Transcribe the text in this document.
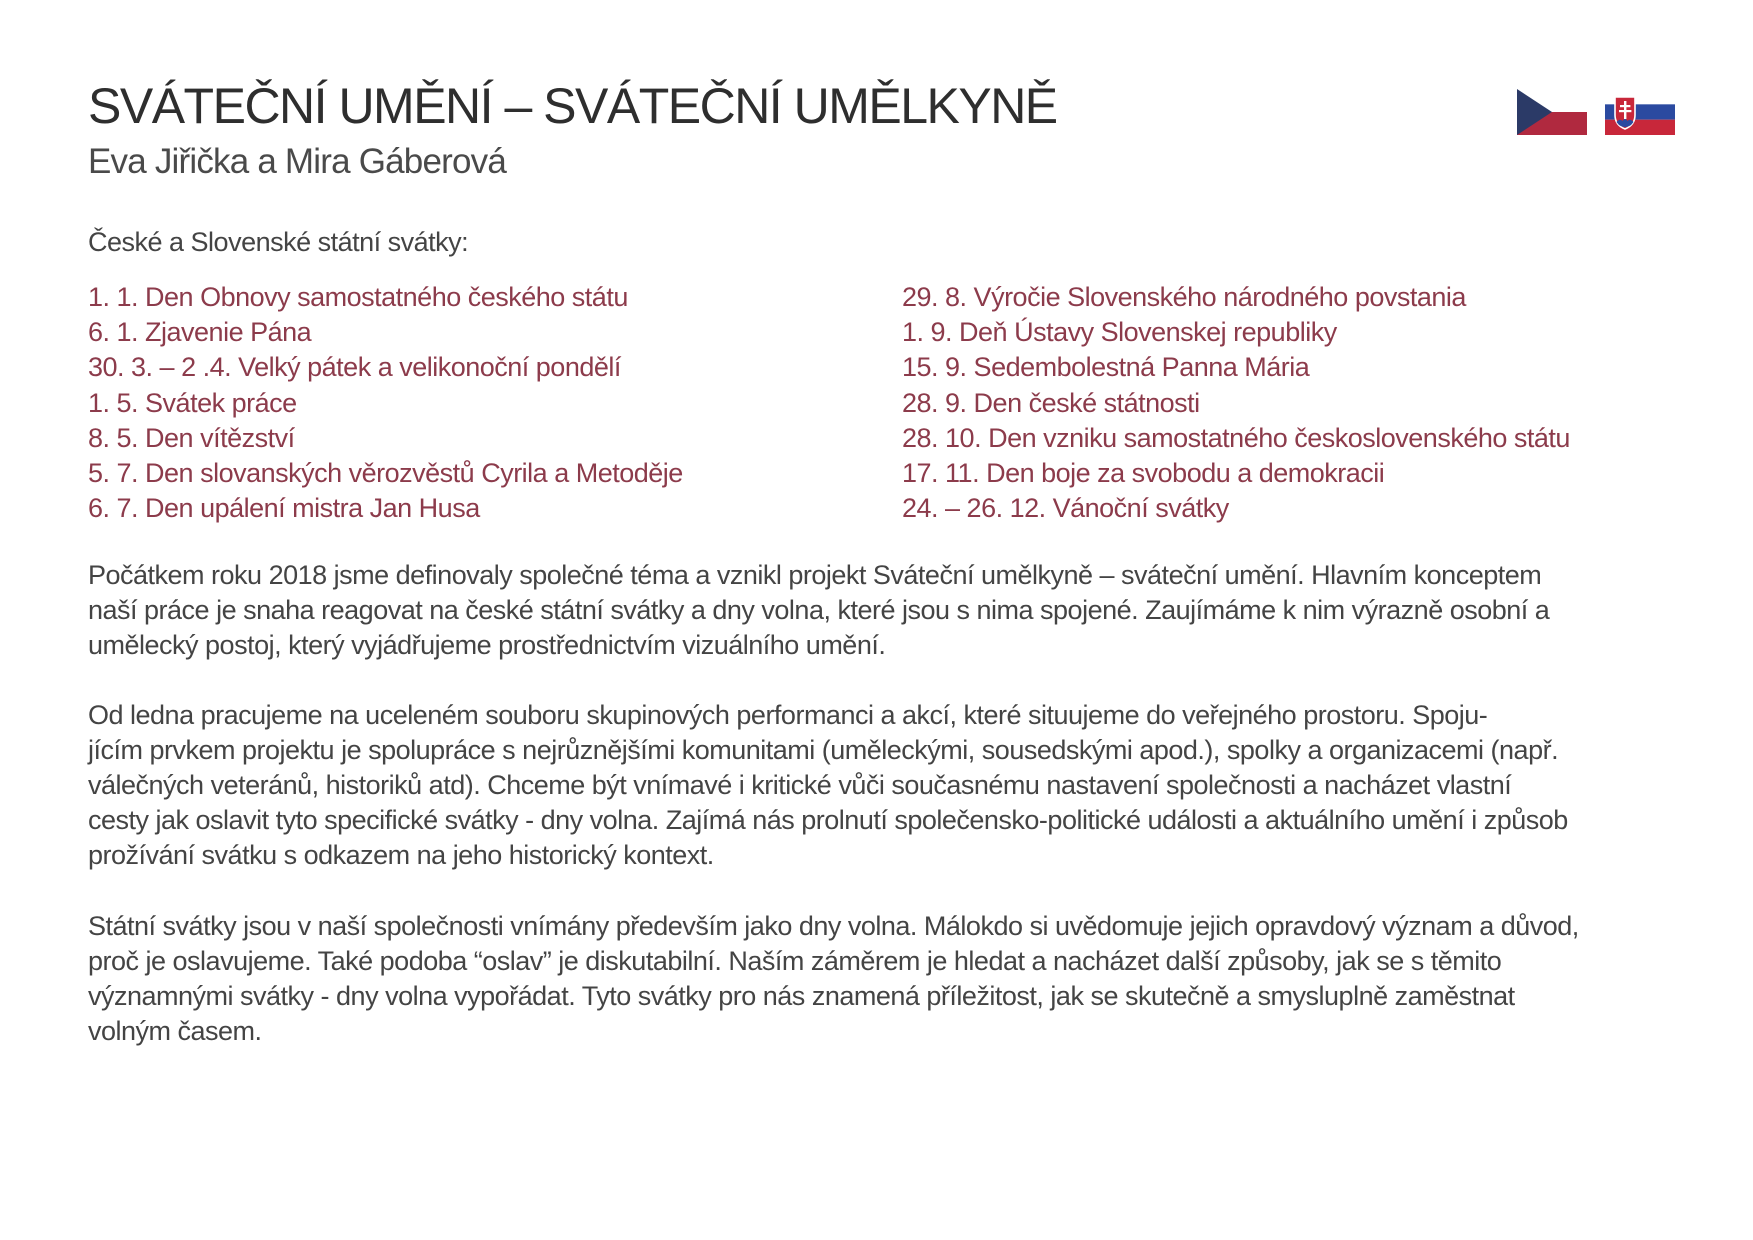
SVÁTEČNÍ UMĚNÍ – SVÁTEČNÍ UMĚLKYNĚ
Eva Jiřička a Mira Gáberová

České a Slovenské státní svátky:

1. 1. Den Obnovy samostatného českého státu
6. 1. Zjavenie Pána
30. 3. – 2 .4. Velký pátek a velikonoční pondělí
1. 5. Svátek práce
8. 5. Den vítězství
5. 7. Den slovanských věrozvěstů Cyrila a Metoděje
6. 7. Den upálení mistra Jan Husa
29. 8. Výročie Slovenského národného povstania
1. 9. Deň Ústavy Slovenskej republiky
15. 9. Sedembolestná Panna Mária
28. 9. Den české státnosti
28. 10. Den vzniku samostatného československého státu
17. 11. Den boje za svobodu a demokracii
24. – 26. 12. Vánoční svátky

Počátkem roku 2018 jsme definovaly společné téma a vznikl projekt Sváteční umělkyně – sváteční umění. Hlavním konceptem
naší práce je snaha reagovat na české státní svátky a dny volna, které jsou s nima spojené. Zaujímáme k nim výrazně osobní a
umělecký postoj, který vyjádřujeme prostřednictvím vizuálního umění.

Od ledna pracujeme na uceleném souboru skupinových performanci a akcí, které situujeme do veřejného prostoru. Spoju-
jícím prvkem projektu je spolupráce s nejrůznějšími komunitami (uměleckými, sousedskými apod.), spolky a organizacemi (např.
válečných veteránů, historiků atd). Chceme být vnímavé i kritické vůči současnému nastavení společnosti a nacházet vlastní
cesty jak oslavit tyto specifické svátky - dny volna. Zajímá nás prolnutí společensko-politické události a aktuálního umění i způsob
prožívání svátku s odkazem na jeho historický kontext.

Státní svátky jsou v naší společnosti vnímány především jako dny volna. Málokdo si uvědomuje jejich opravdový význam a důvod,
proč je oslavujeme. Také podoba “oslav” je diskutabilní. Naším záměrem je hledat a nacházet další způsoby, jak se s těmito
významnými svátky - dny volna vypořádat. Tyto svátky pro nás znamená příležitost, jak se skutečně a smysluplně zaměstnat
volným časem.
